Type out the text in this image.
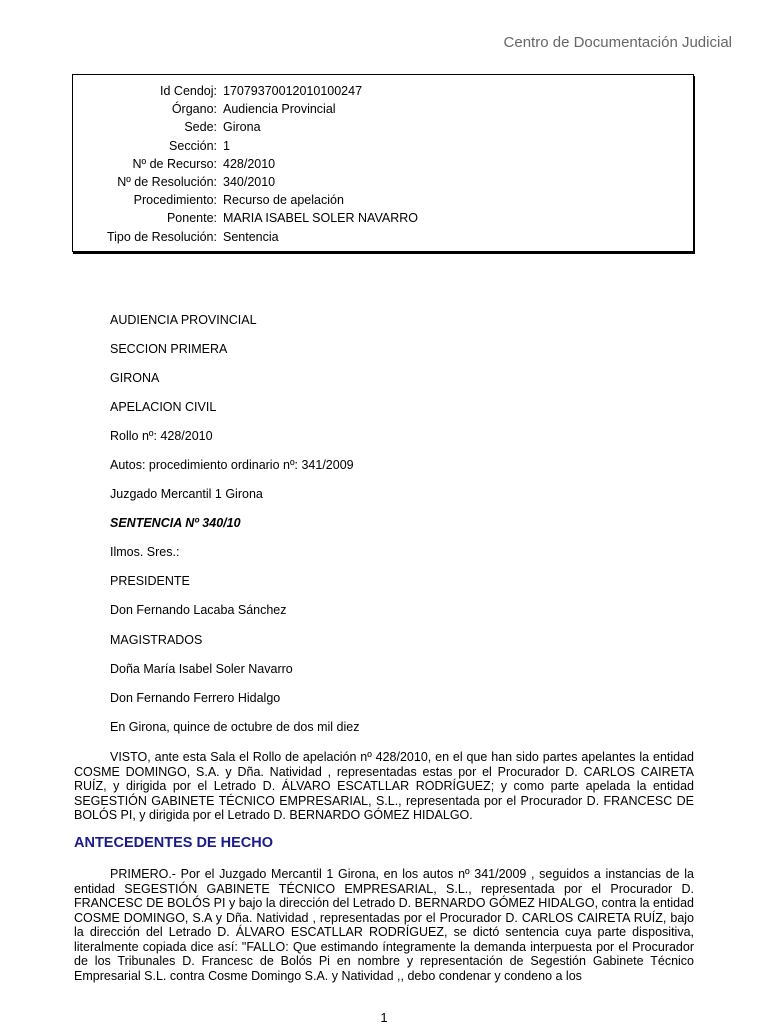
Centro de Documentación Judicial
Id Cendoj:	17079370012010100247
Órgano:	Audiencia Provincial
Sede:	Girona
Sección:	1
Nº de Recurso:	428/2010
Nº de Resolución:	340/2010
Procedimiento:	Recurso de apelación
Ponente:	MARIA ISABEL SOLER NAVARRO
Tipo de Resolución:	Sentencia
AUDIENCIA PROVINCIAL
SECCION PRIMERA
GIRONA
APELACION CIVIL
Rollo nº: 428/2010
Autos: procedimiento ordinario nº: 341/2009
Juzgado Mercantil 1 Girona
SENTENCIA Nº 340/10
Ilmos. Sres.:
PRESIDENTE
Don Fernando Lacaba Sánchez
MAGISTRADOS
Doña María Isabel Soler Navarro
Don Fernando Ferrero Hidalgo
En Girona, quince de octubre de dos mil diez
VISTO, ante esta Sala el Rollo de apelación nº 428/2010, en el que han sido partes apelantes la entidad COSME DOMINGO, S.A. y Dña. Natividad , representadas estas por el Procurador D. CARLOS CAIRETA RUÍZ, y dirigida por el Letrado D. ÁLVARO ESCATLLAR RODRÍGUEZ; y como parte apelada la entidad SEGESTIÓN GABINETE TÉCNICO EMPRESARIAL, S.L., representada por el Procurador D. FRANCESC DE BOLÓS PI, y dirigida por el Letrado D. BERNARDO GÓMEZ HIDALGO.
ANTECEDENTES DE HECHO
PRIMERO.- Por el Juzgado Mercantil 1 Girona, en los autos nº 341/2009 , seguidos a instancias de la entidad SEGESTIÓN GABINETE TÉCNICO EMPRESARIAL, S.L., representada por el Procurador D. FRANCESC DE BOLÓS PI y bajo la dirección del Letrado D. BERNARDO GÓMEZ HIDALGO, contra la entidad COSME DOMINGO, S.A y Dña. Natividad , representadas por el Procurador D. CARLOS CAIRETA RUÍZ, bajo la dirección del Letrado D. ÁLVARO ESCATLLAR RODRÍGUEZ, se dictó sentencia cuya parte dispositiva, literalmente copiada dice así: "FALLO: Que estimando íntegramente la demanda interpuesta por el Procurador de los Tribunales D. Francesc de Bolós Pi en nombre y representación de Segestión Gabinete Técnico Empresarial S.L. contra Cosme Domingo S.A. y Natividad ,, debo condenar y condeno a los
1
